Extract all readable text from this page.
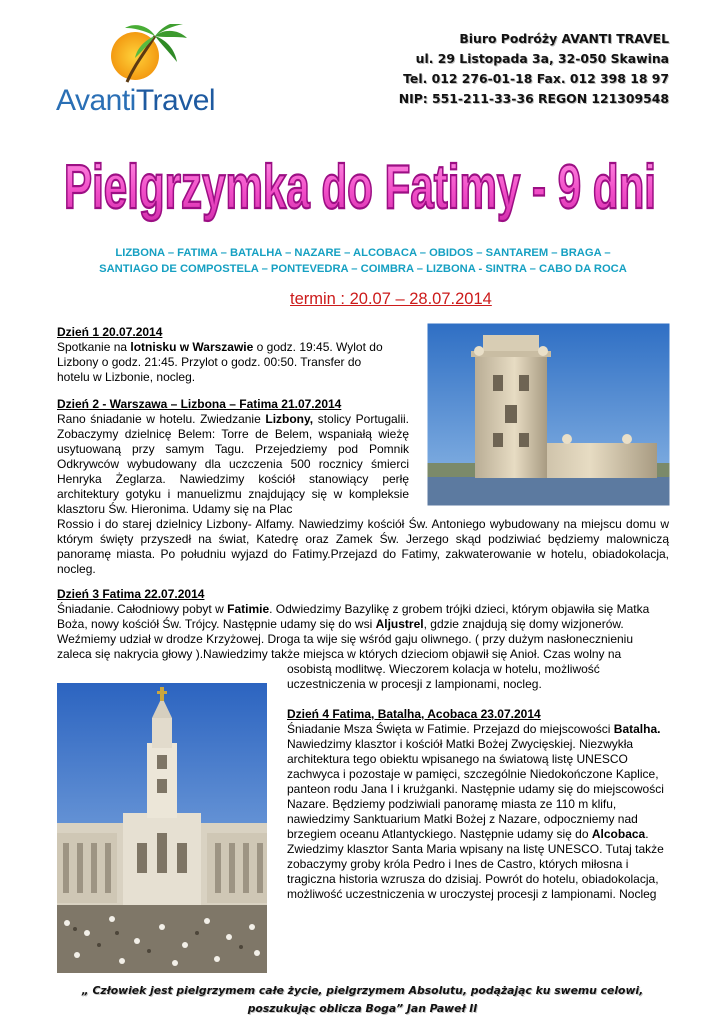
AvantiTravel
Biuro Podróży AVANTI TRAVEL
ul. 29 Listopada 3a, 32-050 Skawina
Tel. 012 276-01-18 Fax. 012 398 18 97
NIP: 551-211-33-36 REGON 121309548
Pielgrzymka do Fatimy - 9 dni
LIZBONA – FATIMA – BATALHA – NAZARE – ALCOBACA – OBIDOS – SANTAREM – BRAGA –
SANTIAGO DE COMPOSTELA – PONTEVEDRA – COIMBRA – LIZBONA - SINTRA – CABO DA ROCA
termin : 20.07 – 28.07.2014
Dzień 1 20.07.2014
Spotkanie na lotnisku w Warszawie o godz. 19:45. Wylot do Lizbony o godz. 21:45. Przylot o godz. 00:50. Transfer do hotelu w Lizbonie, nocleg.
Dzień 2 - Warszawa – Lizbona – Fatima 21.07.2014
Rano śniadanie w hotelu. Zwiedzanie Lizbony, stolicy Portugalii. Zobaczymy dzielnicę Belem: Torre de Belem, wspaniałą wieżę usytuowaną przy samym Tagu. Przejedziemy pod Pomnik Odkrywców wybudowany dla uczczenia 500 rocznicy śmierci Henryka Żeglarza. Nawiedzimy kościół stanowiący perłę architektury gotyku i manuelizmu znajdujący się w kompleksie klasztoru Św. Hieronima. Udamy się na Plac
Rossio i do starej dzielnicy Lizbony- Alfamy. Nawiedzimy kościół Św. Antoniego wybudowany na miejscu domu w którym święty przyszedł na świat, Katedrę oraz Zamek Św. Jerzego skąd podziwiać będziemy malowniczą panoramę miasta. Po południu wyjazd do Fatimy.Przejazd do Fatimy, zakwaterowanie w hotelu, obiadokolacja, nocleg.
Dzień 3 Fatima 22.07.2014
Śniadanie. Całodniowy pobyt w Fatimie. Odwiedzimy Bazylikę z grobem trójki dzieci, którym objawiła się Matka Boża, nowy kościół Św. Trójcy. Następnie udamy się do wsi Aljustrel, gdzie znajdują się domy wizjonerów. Weźmiemy udział w drodze Krzyżowej. Droga ta wije się wśród gaju oliwnego. ( przy dużym nasłonecznieniu zaleca się nakrycia głowy ).Nawiedzimy także miejsca w których dzieciom objawił się Anioł. Czas wolny na
osobistą modlitwę. Wieczorem kolacja w hotelu, możliwość uczestniczenia w procesji z lampionami, nocleg.
Dzień 4 Fatima, Batalha, Acobaca 23.07.2014
Śniadanie Msza Święta w Fatimie. Przejazd do miejscowości Batalha. Nawiedzimy klasztor i kościół Matki Bożej Zwycięskiej. Niezwykła architektura tego obiektu wpisanego na światową listę UNESCO zachwyca i pozostaje w pamięci, szczególnie Niedokończone Kaplice, panteon rodu Jana I i krużganki. Następnie udamy się do miejscowości Nazare. Będziemy podziwiali panoramę miasta ze 110 m klifu, nawiedzimy Sanktuarium Matki Bożej z Nazare, odpoczniemy nad brzegiem oceanu Atlantyckiego. Następnie udamy się do Alcobaca. Zwiedzimy klasztor Santa Maria wpisany na listę UNESCO. Tutaj także zobaczymy groby króla Pedro i Ines de Castro, których miłosna i tragiczna historia wzrusza do dzisiaj. Powrót do hotelu, obiadokolacja, możliwość uczestniczenia w uroczystej procesji z lampionami. Nocleg
„ Człowiek jest pielgrzymem całe życie, pielgrzymem Absolutu, podążając ku swemu celowi,
poszukując oblicza Boga” Jan Paweł II
